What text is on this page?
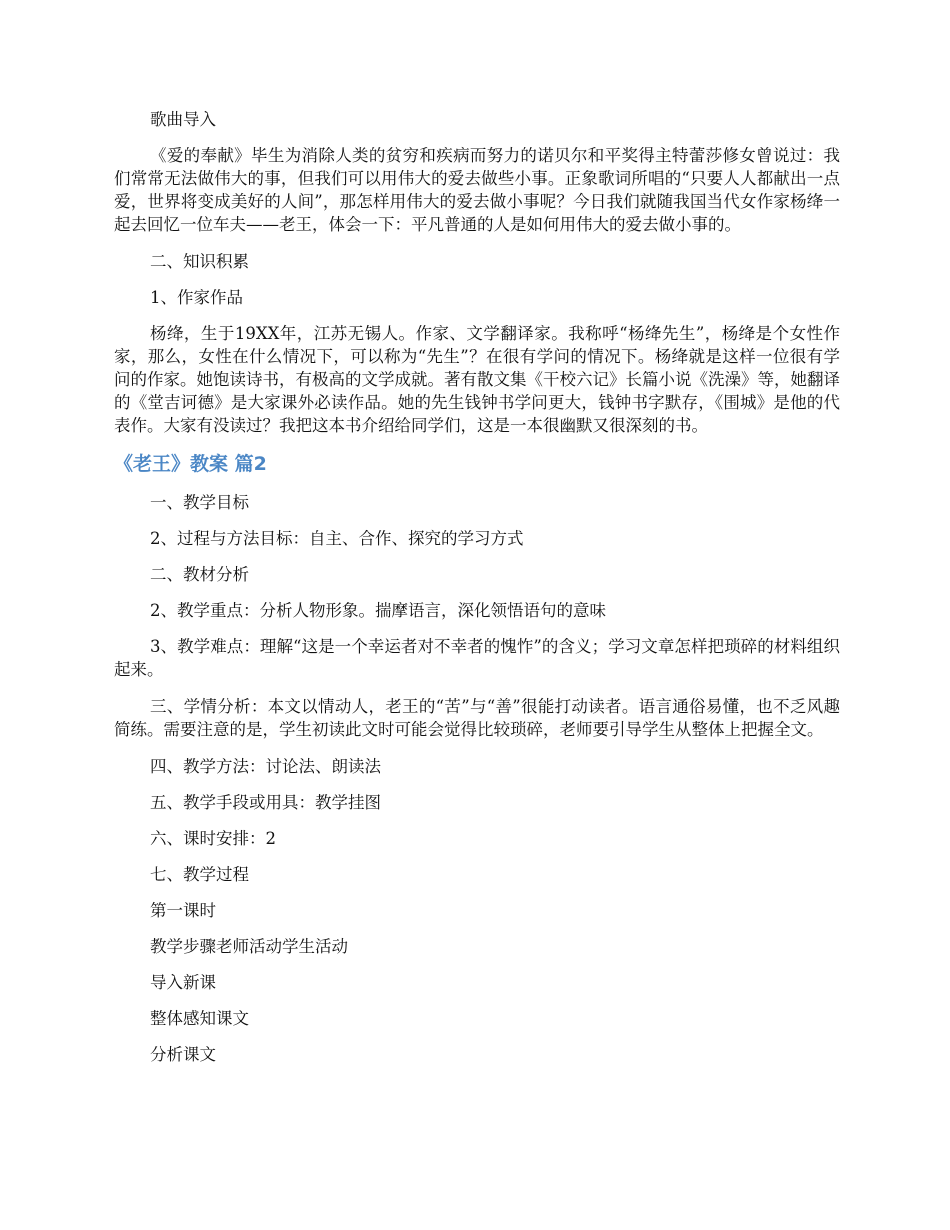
歌曲导入

《爱的奉献》毕生为消除人类的贫穷和疾病而努力的诺贝尔和平奖得主特蕾莎修女曾说过：我们常常无法做伟大的事，但我们可以用伟大的爱去做些小事。正象歌词所唱的“只要人人都献出一点爱，世界将变成美好的人间”，那怎样用伟大的爱去做小事呢？今日我们就随我国当代女作家杨绛一起去回忆一位车夫——老王，体会一下：平凡普通的人是如何用伟大的爱去做小事的。

二、知识积累

1、作家作品

杨绛，生于19XX年，江苏无锡人。作家、文学翻译家。我称呼“杨绛先生”，杨绛是个女性作家，那么，女性在什么情况下，可以称为“先生”？在很有学问的情况下。杨绛就是这样一位很有学问的作家。她饱读诗书，有极高的文学成就。著有散文集《干校六记》长篇小说《洗澡》等，她翻译的《堂吉诃德》是大家课外必读作品。她的先生钱钟书学问更大，钱钟书字默存，《围城》是他的代表作。大家有没读过？我把这本书介绍给同学们，这是一本很幽默又很深刻的书。

《老王》教案 篇2

一、教学目标

2、过程与方法目标：自主、合作、探究的学习方式

二、教材分析

2、教学重点：分析人物形象。揣摩语言，深化领悟语句的意味

3、教学难点：理解“这是一个幸运者对不幸者的愧怍”的含义；学习文章怎样把琐碎的材料组织起来。

三、学情分析：本文以情动人，老王的“苦”与“善”很能打动读者。语言通俗易懂，也不乏风趣简练。需要注意的是，学生初读此文时可能会觉得比较琐碎，老师要引导学生从整体上把握全文。

四、教学方法：讨论法、朗读法

五、教学手段或用具：教学挂图

六、课时安排：2

七、教学过程

第一课时

教学步骤老师活动学生活动

导入新课

整体感知课文

分析课文
